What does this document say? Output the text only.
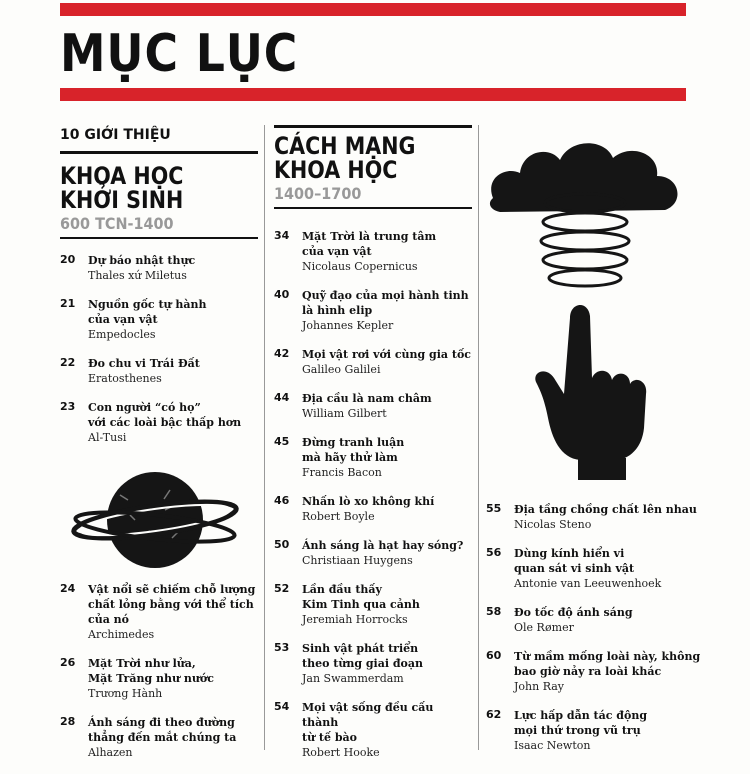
MỤC LỤC
10 GIỚI THIỆU
KHOA HỌC
KHỞI SINH
600 TCN-1400
20 Dự báo nhật thực
Thales xứ Miletus
21 Nguồn gốc tự hành
của vạn vật
Empedocles
22 Đo chu vi Trái Đất
Eratosthenes
23 Con người “có họ”
với các loài bậc thấp hơn
Al-Tusi
24 Vật nổi sẽ chiếm chỗ lượng
chất lỏng bằng với thể tích
của nó
Archimedes
26 Mặt Trời như lửa,
Mặt Trăng như nước
Trương Hành
28 Ánh sáng đi theo đường
thẳng đến mắt chúng ta
Alhazen
CÁCH MẠNG
KHOA HỌC
1400–1700
34 Mặt Trời là trung tâm
của vạn vật
Nicolaus Copernicus
40 Quỹ đạo của mọi hành tinh
là hình elip
Johannes Kepler
42 Mọi vật rơi với cùng gia tốc
Galileo Galilei
44 Địa cầu là nam châm
William Gilbert
45 Đừng tranh luận
mà hãy thử làm
Francis Bacon
46 Nhấn lò xo không khí
Robert Boyle
50 Ánh sáng là hạt hay sóng?
Christiaan Huygens
52 Lần đầu thấy
Kim Tinh qua cảnh
Jeremiah Horrocks
53 Sinh vật phát triển
theo từng giai đoạn
Jan Swammerdam
54 Mọi vật sống đều cấu thành
từ tế bào
Robert Hooke
55 Địa tầng chồng chất lên nhau
Nicolas Steno
56 Dùng kính hiển vi
quan sát vi sinh vật
Antonie van Leeuwenhoek
58 Đo tốc độ ánh sáng
Ole Rømer
60 Từ mầm mống loài này, không
bao giờ nảy ra loài khác
John Ray
62 Lực hấp dẫn tác động
mọi thứ trong vũ trụ
Isaac Newton
